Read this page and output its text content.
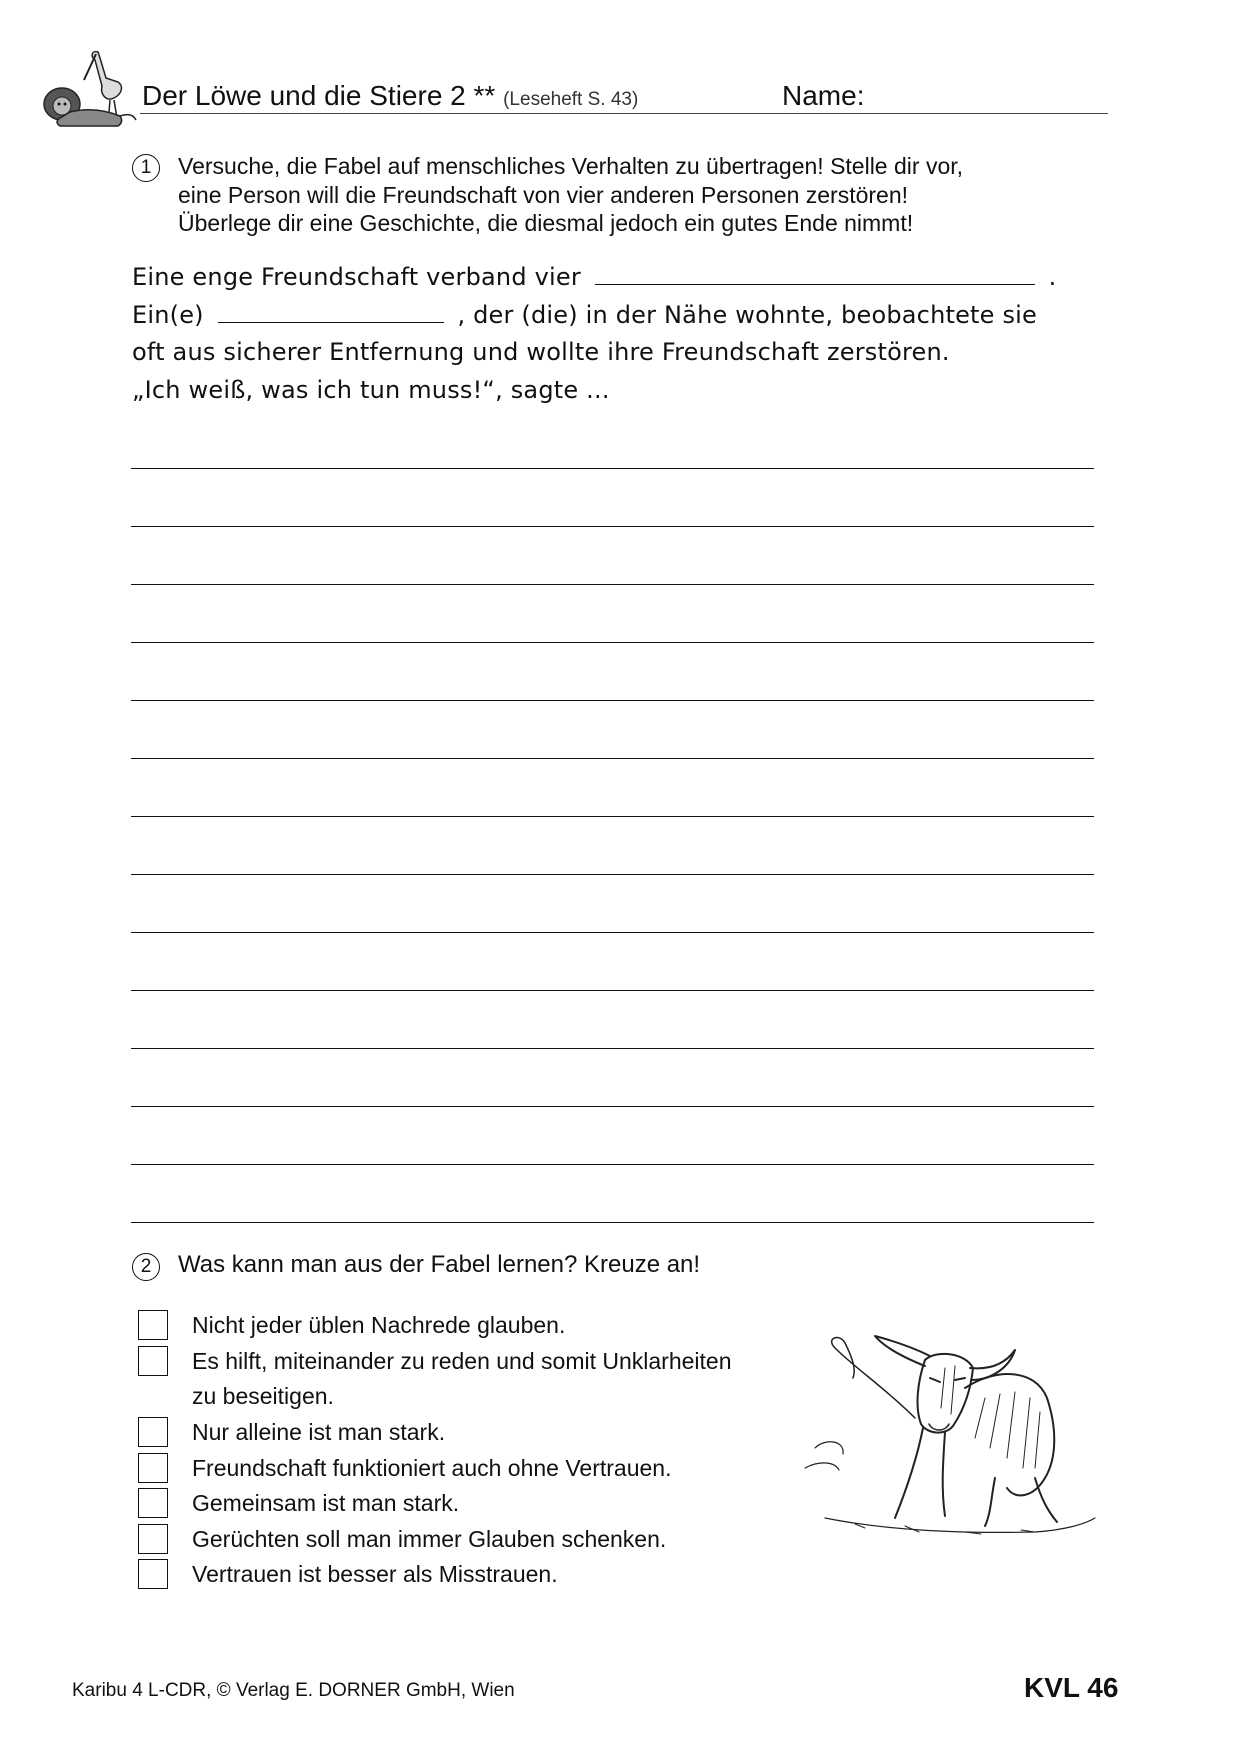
Der Löwe und die Stiere 2 ** (Leseheft S. 43)	Name:
1	Versuche, die Fabel auf menschliches Verhalten zu übertragen! Stelle dir vor,
eine Person will die Freundschaft von vier anderen Personen zerstören!
Überlege dir eine Geschichte, die diesmal jedoch ein gutes Ende nimmt!
Eine enge Freundschaft verband vier	.
Ein(e)	, der (die) in der Nähe wohnte, beobachtete sie
oft aus sicherer Entfernung und wollte ihre Freundschaft zerstören.
„Ich weiß, was ich tun muss!“, sagte ...
2	Was kann man aus der Fabel lernen? Kreuze an!
Nicht jeder üblen Nachrede glauben.
Es hilft, miteinander zu reden und somit Unklarheiten
zu beseitigen.
Nur alleine ist man stark.
Freundschaft funktioniert auch ohne Vertrauen.
Gemeinsam ist man stark.
Gerüchten soll man immer Glauben schenken.
Vertrauen ist besser als Misstrauen.
Karibu 4 L-CDR, © Verlag E. DORNER GmbH, Wien	KVL 46
